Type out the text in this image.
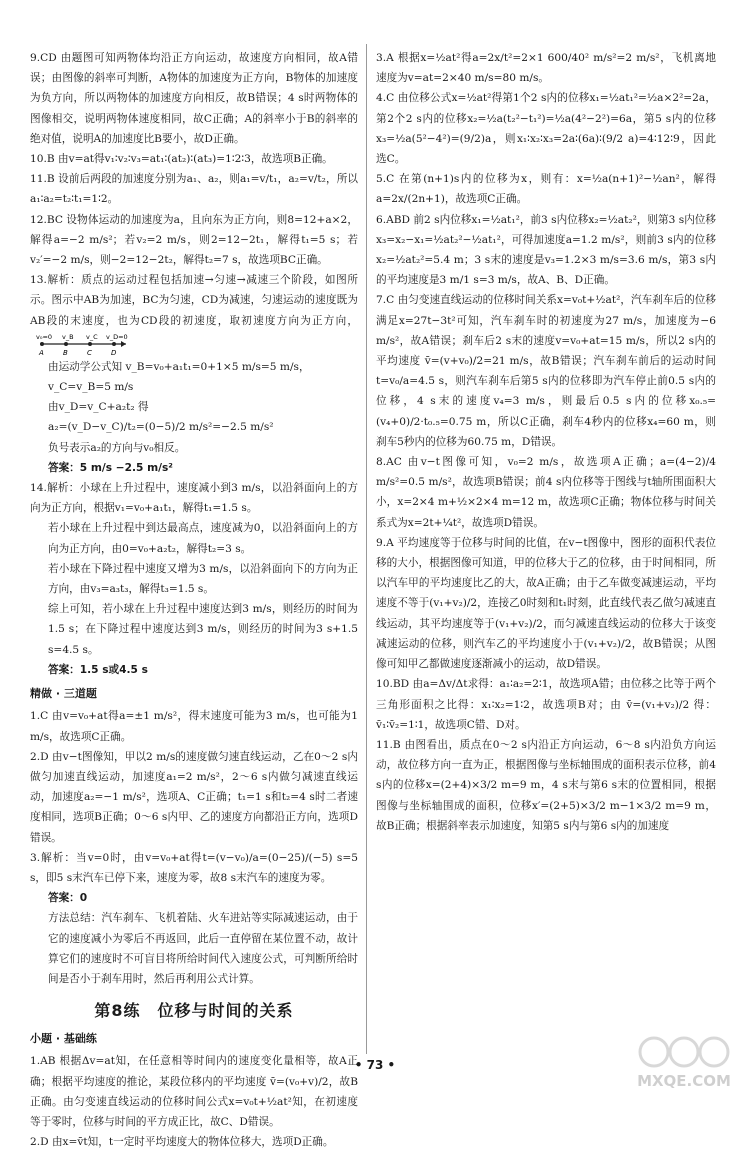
9.CD 由题图可知两物体均沿正方向运动，故速度方向相同，故A错误；由图像的斜率可判断，A物体的加速度为正方向，B物体的加速度为负方向，所以两物体的加速度方向相反，故B错误；4 s时两物体的图像相交，说明两物体速度相同，故C正确；A的斜率小于B的斜率的绝对值，说明A的加速度比B要小，故D正确。

10.B 由v=at得v₁∶v₂∶v₃=at₁∶(at₂)∶(at₃)=1∶2∶3，故选项B正确。

11.B 设前后两段的加速度分别为a₁、a₂，则a₁=v/t₁，a₂=v/t₂，所以a₁∶a₂=t₂∶t₁=1∶2。

12.BC 设物体运动的加速度为a，且向东为正方向，则8=12+a×2，解得a=−2 m/s²；若v₂=2 m/s，则2=12−2t₁，解得t₁=5 s；若v₂′=−2 m/s，则−2=12−2t₂，解得t₂=7 s，故选项BC正确。

13.解析：质点的运动过程包括加速→匀速→减速三个阶段，如图所示。图示中AB为加速，BC为匀速，CD为减速，匀速运动的速度既为AB段的末速度，也为CD段的初速度，取初速度方向为正方向，
v₀=0 v_B v_C v_D=0
A	B	C	D

由运动学公式知 v_B=v₀+a₁t₁=0+1×5 m/s=5 m/s，

v_C=v_B=5 m/s

由v_D=v_C+a₂t₂ 得

a₂=(v_D−v_C)/t₂=(0−5)/2 m/s²=−2.5 m/s²

负号表示a₂的方向与v₀相反。

答案：5 m/s −2.5 m/s²

14.解析：小球在上升过程中，速度减小到3 m/s，以沿斜面向上的方向为正方向，根据v₁=v₀+a₁t₁，解得t₁=1.5 s。

若小球在上升过程中到达最高点，速度减为0，以沿斜面向上的方向为正方向，由0=v₀+a₂t₂，解得t₂=3 s。

若小球在下降过程中速度又增为3 m/s，以沿斜面向下的方向为正方向，由v₃=a₃t₃，解得t₃=1.5 s。

综上可知，若小球在上升过程中速度达到3 m/s，则经历的时间为1.5 s；在下降过程中速度达到3 m/s，则经历的时间为3 s+1.5 s=4.5 s。

答案：1.5 s或4.5 s

精做 · 三道题

1.C 由v=v₀+at得a=±1 m/s²，得末速度可能为3 m/s，也可能为1 m/s，故选项C正确。

2.D 由v−t图像知，甲以2 m/s的速度做匀速直线运动，乙在0～2 s内做匀加速直线运动，加速度a₁=2 m/s²，2～6 s内做匀减速直线运动，加速度a₂=−1 m/s²，选项A、C正确；t₁=1 s和t₂=4 s时二者速度相同，选项B正确；0～6 s内甲、乙的速度方向都沿正方向，选项D错误。

3.解析：当v=0时，由v=v₀+at得t=(v−v₀)/a=(0−25)/(−5) s=5 s，即5 s末汽车已停下来，速度为零，故8 s末汽车的速度为零。

答案：0

方法总结：汽车刹车、飞机着陆、火车进站等实际减速运动，由于它的速度减小为零后不再返回，此后一直停留在某位置不动，故计算它们的速度时不可盲目将所给时间代入速度公式，可判断所给时间是否小于刹车用时，然后再利用公式计算。

第8练　位移与时间的关系
小题 · 基础练

1.AB 根据Δv=at知，在任意相等时间内的速度变化量相等，故A正确；根据平均速度的推论，某段位移内的平均速度 v̄=(v₀+v)/2，故B正确。由匀变速直线运动的位移时间公式x=v₀t+½at²知，在初速度等于零时，位移与时间的平方成正比，故C、D错误。

2.D 由x=v̄t知，t一定时平均速度大的物体位移大，选项D正确。

3.A 根据x=½at²得a=2x/t²=2×1 600/40² m/s²=2 m/s²，飞机离地速度为v=at=2×40 m/s=80 m/s。

4.C 由位移公式x=½at²得第1个2 s内的位移x₁=½at₁²=½a×2²=2a，第2个2 s内的位移x₂=½a(t₂²−t₁²)=½a(4²−2²)=6a，第5 s内的位移x₃=½a(5²−4²)=(9/2)a，则x₁∶x₂∶x₃=2a∶(6a)∶(9/2 a)=4∶12∶9，因此选C。

5.C 在第(n+1)s内的位移为x，则有：x=½a(n+1)²−½an²，解得a=2x/(2n+1)，故选项C正确。

6.ABD 前2 s内位移x₁=½at₁²，前3 s内位移x₂=½at₂²，则第3 s内位移x₃=x₂−x₁=½at₂²−½at₁²，可得加速度a=1.2 m/s²，则前3 s内的位移x₂=½at₂²=5.4 m；3 s末的速度是v₃=1.2×3 m/s=3.6 m/s，第3 s内的平均速度是3 m/1 s=3 m/s，故A、B、D正确。

7.C 由匀变速直线运动的位移时间关系x=v₀t+½at²，汽车刹车后的位移满足x=27t−3t²可知，汽车刹车时的初速度为27 m/s，加速度为−6 m/s²，故A错误；刹车后2 s末的速度v=v₀+at=15 m/s，所以2 s内的平均速度 v̄=(v+v₀)/2=21 m/s，故B错误；汽车刹车前后的运动时间t=v₀/a=4.5 s，则汽车刹车后第5 s内的位移即为汽车停止前0.5 s内的位移，4 s末的速度v₄=3 m/s，则最后0.5 s内的位移x₀.₅=(v₄+0)/2·t₀.₅=0.75 m，所以C正确，刹车4秒内的位移x₄=60 m，则刹车5秒内的位移为60.75 m，D错误。

8.AC 由v−t图像可知，v₀=2 m/s，故选项A正确；a=(4−2)/4 m/s²=0.5 m/s²，故选项B错误；前4 s内位移等于图线与t轴所围面积大小，x=2×4 m+½×2×4 m=12 m，故选项C正确；物体位移与时间关系式为x=2t+¼t²，故选项D错误。

9.A 平均速度等于位移与时间的比值，在v−t图像中，图形的面积代表位移的大小，根据图像可知道，甲的位移大于乙的位移，由于时间相同，所以汽车甲的平均速度比乙的大，故A正确；由于乙车做变减速运动，平均速度不等于(v₁+v₂)/2，连接乙0时刻和t₁时刻，此直线代表乙做匀减速直线运动，其平均速度等于(v₁+v₂)/2，而匀减速直线运动的位移大于该变减速运动的位移，则汽车乙的平均速度小于(v₁+v₂)/2，故B错误；从图像可知甲乙都做速度逐渐减小的运动，故D错误。

10.BD 由a=Δv/Δt求得：a₁∶a₂=2∶1，故选项A错；由位移之比等于两个三角形面积之比得：x₁∶x₂=1∶2，故选项B对；由 v̄=(v₁+v₂)/2 得：v̄₁∶v̄₂=1∶1，故选项C错、D对。

11.B 由图看出，质点在0～2 s内沿正方向运动，6～8 s内沿负方向运动，故位移方向一直为正，根据图像与坐标轴围成的面积表示位移，前4 s内的位移x=(2+4)×3/2 m=9 m，4 s末与第6 s末的位置相同，根据图像与坐标轴围成的面积，位移x′=(2+5)×3/2 m−1×3/2 m=9 m，故B正确；根据斜率表示加速度，知第5 s内与第6 s内的加速度

• 73 •
MXQE.COM
